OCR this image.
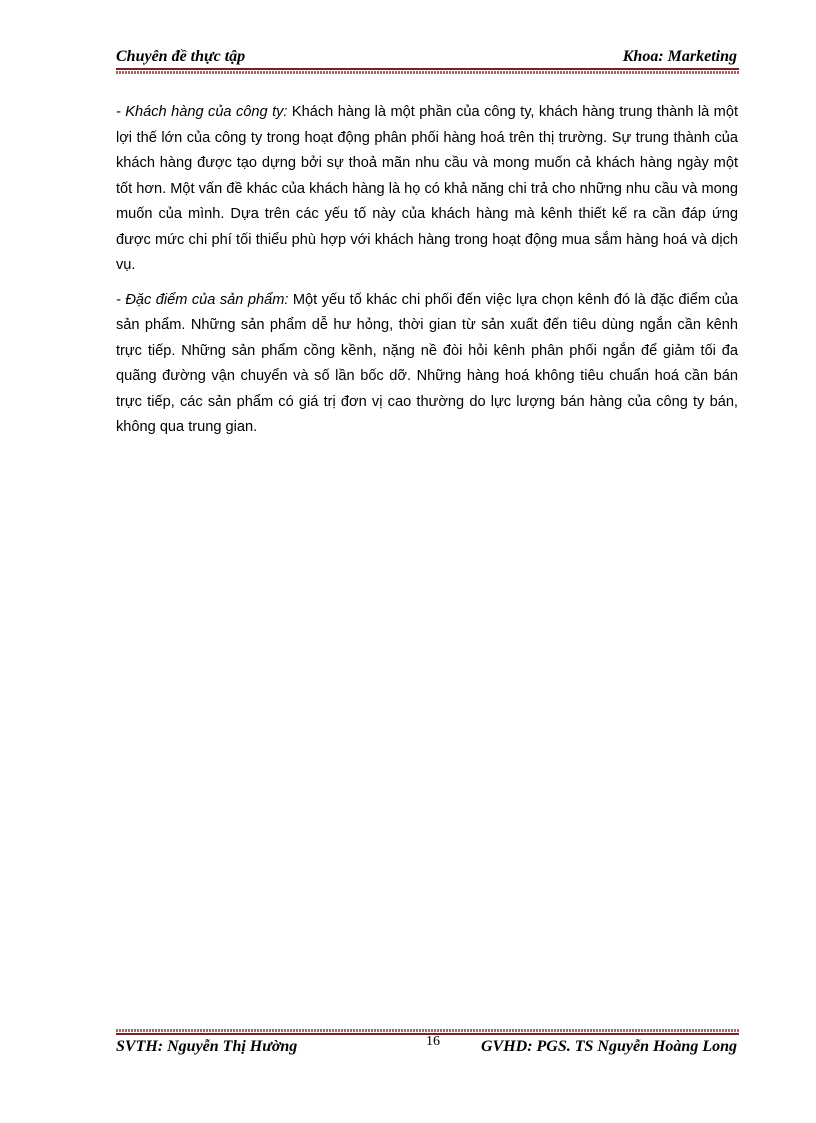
Chuyên đề thực tập	Khoa: Marketing

- Khách hàng của công ty: Khách hàng là một phần của công ty, khách hàng trung thành là một lợi thế lớn của công ty trong hoạt động phân phối hàng hoá trên thị trường. Sự trung thành của khách hàng được tạo dựng bởi sự thoả mãn nhu cầu và mong muốn cả khách hàng ngày một tốt hơn. Một vấn đề khác của khách hàng là họ có khả năng chi trả cho những nhu cầu và mong muốn của mình. Dựa trên các yếu tố này của khách hàng mà kênh thiết kế ra cần đáp ứng được mức chi phí tối thiểu phù hợp với khách hàng trong hoạt động mua sắm hàng hoá và dịch vụ.

- Đặc điểm của sản phẩm: Một yếu tố khác chi phối đến việc lựa chọn kênh đó là đặc điểm của sản phẩm. Những sản phẩm dễ hư hỏng, thời gian từ sản xuất đến tiêu dùng ngắn cần kênh trực tiếp. Những sản phẩm cồng kềnh, nặng nề đòi hỏi kênh phân phối ngắn để giảm tối đa quãng đường vận chuyển và số lần bốc dỡ. Những hàng hoá không tiêu chuẩn hoá cần bán trực tiếp, các sản phẩm có giá trị đơn vị cao thường do lực lượng bán hàng của công ty bán, không qua trung gian.

SVTH: Nguyễn Thị Hường	16	GVHD: PGS. TS Nguyễn Hoàng Long
